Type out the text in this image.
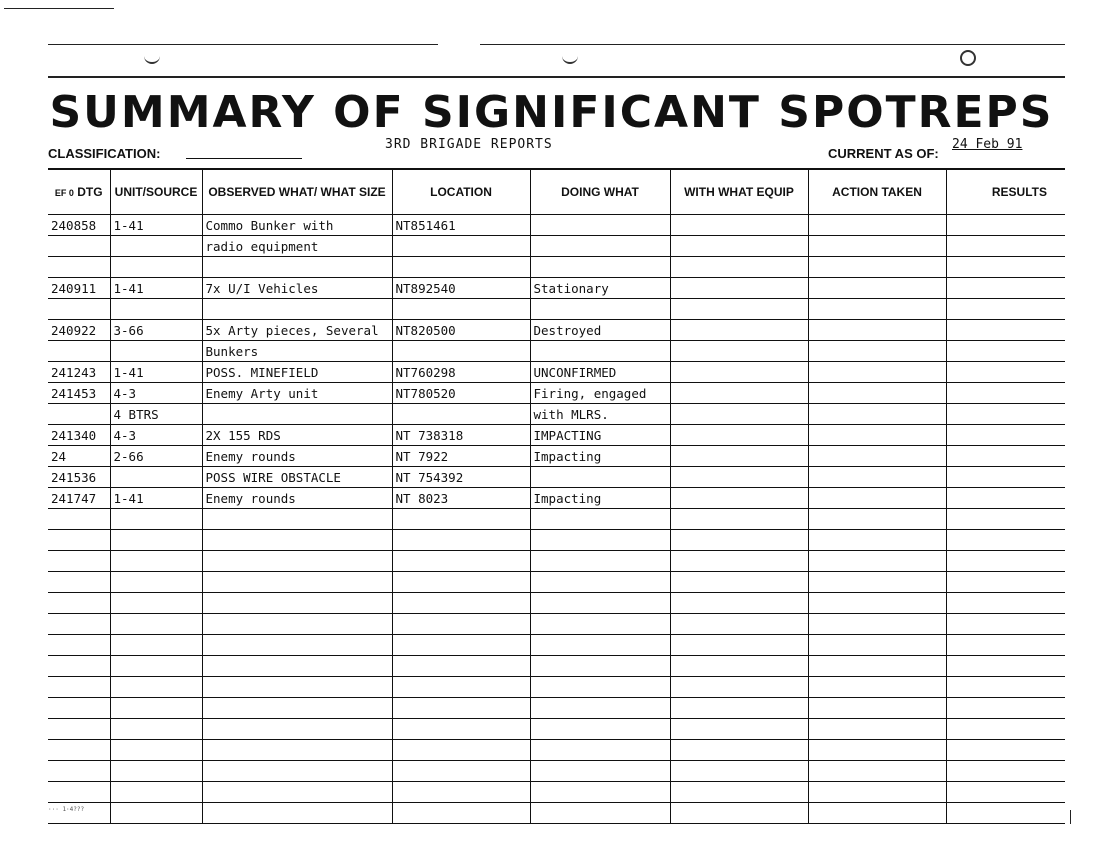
SUMMARY OF SIGNIFICANT SPOTREPS
CLASSIFICATION:
3RD BRIGADE REPORTS
CURRENT AS OF:
24 Feb 91
EF 0 DTG	UNIT/SOURCE	OBSERVED WHAT/ WHAT SIZE	LOCATION	DOING WHAT	WITH WHAT EQUIP	ACTION TAKEN	RESULTS
240858	1-41	Commo Bunker with	NT851461				
		radio equipment					

240911	1-41	7x U/I Vehicles	NT892540	Stationary			

240922	3-66	5x Arty pieces, Several	NT820500	Destroyed			
		Bunkers					
241243	1-41	POSS. MINEFIELD	NT760298	UNCONFIRMED			
241453	4-3	Enemy Arty unit	NT780520	Firing, engaged			
	4 BTRS			with MLRS.			
241340	4-3	2X 155 RDS	NT 738318	IMPACTING			
24	2-66	Enemy rounds	NT 7922	Impacting			
241536		POSS WIRE OBSTACLE	NT 754392				
241747	1-41	Enemy rounds	NT 8023	Impacting			

··· 1·4???
